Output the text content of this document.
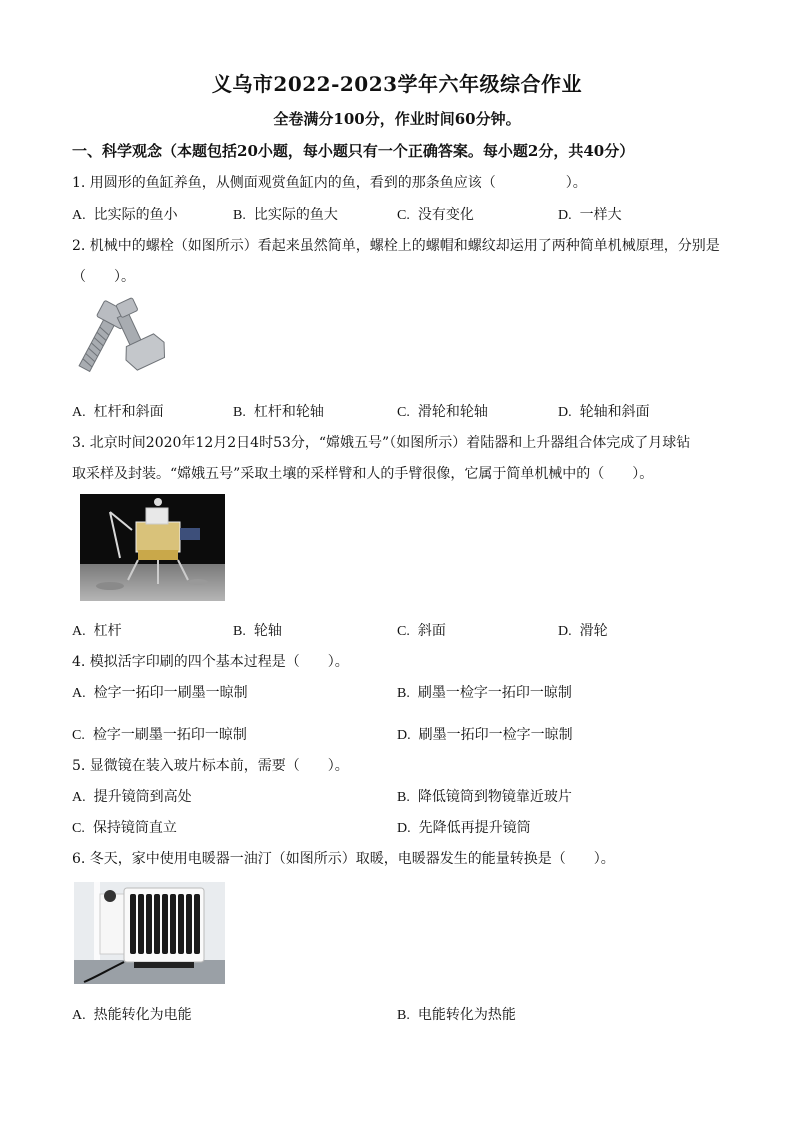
义乌市2022-2023学年六年级综合作业
全卷满分100分，作业时间60分钟。
一、科学观念（本题包括20小题，每小题只有一个正确答案。每小题2分，共40分）
1. 用圆形的鱼缸养鱼，从侧面观赏鱼缸内的鱼，看到的那条鱼应该（　　　　　）。
A. 比实际的鱼小	B. 比实际的鱼大	C. 没有变化	D. 一样大
2. 机械中的螺栓（如图所示）看起来虽然简单，螺栓上的螺帽和螺纹却运用了两种简单机械原理，分别是
（　　）。
A. 杠杆和斜面	B. 杠杆和轮轴	C. 滑轮和轮轴	D. 轮轴和斜面
3. 北京时间2020年12月2日4时53分，“嫦娥五号”（如图所示）着陆器和上升器组合体完成了月球钻
取采样及封装。“嫦娥五号”采取土壤的采样臂和人的手臂很像，它属于简单机械中的（　　）。
A. 杠杆	B. 轮轴	C. 斜面	D. 滑轮
4. 模拟活字印刷的四个基本过程是（　　）。
A. 检字一拓印一刷墨一晾制	B. 刷墨一检字一拓印一晾制
C. 检字一刷墨一拓印一晾制	D. 刷墨一拓印一检字一晾制
5. 显微镜在装入玻片标本前，需要（　　）。
A. 提升镜筒到高处	B. 降低镜筒到物镜靠近玻片
C. 保持镜筒直立	D. 先降低再提升镜筒
6. 冬天，家中使用电暖器一油汀（如图所示）取暖，电暖器发生的能量转换是（　　）。
A. 热能转化为电能	B. 电能转化为热能
